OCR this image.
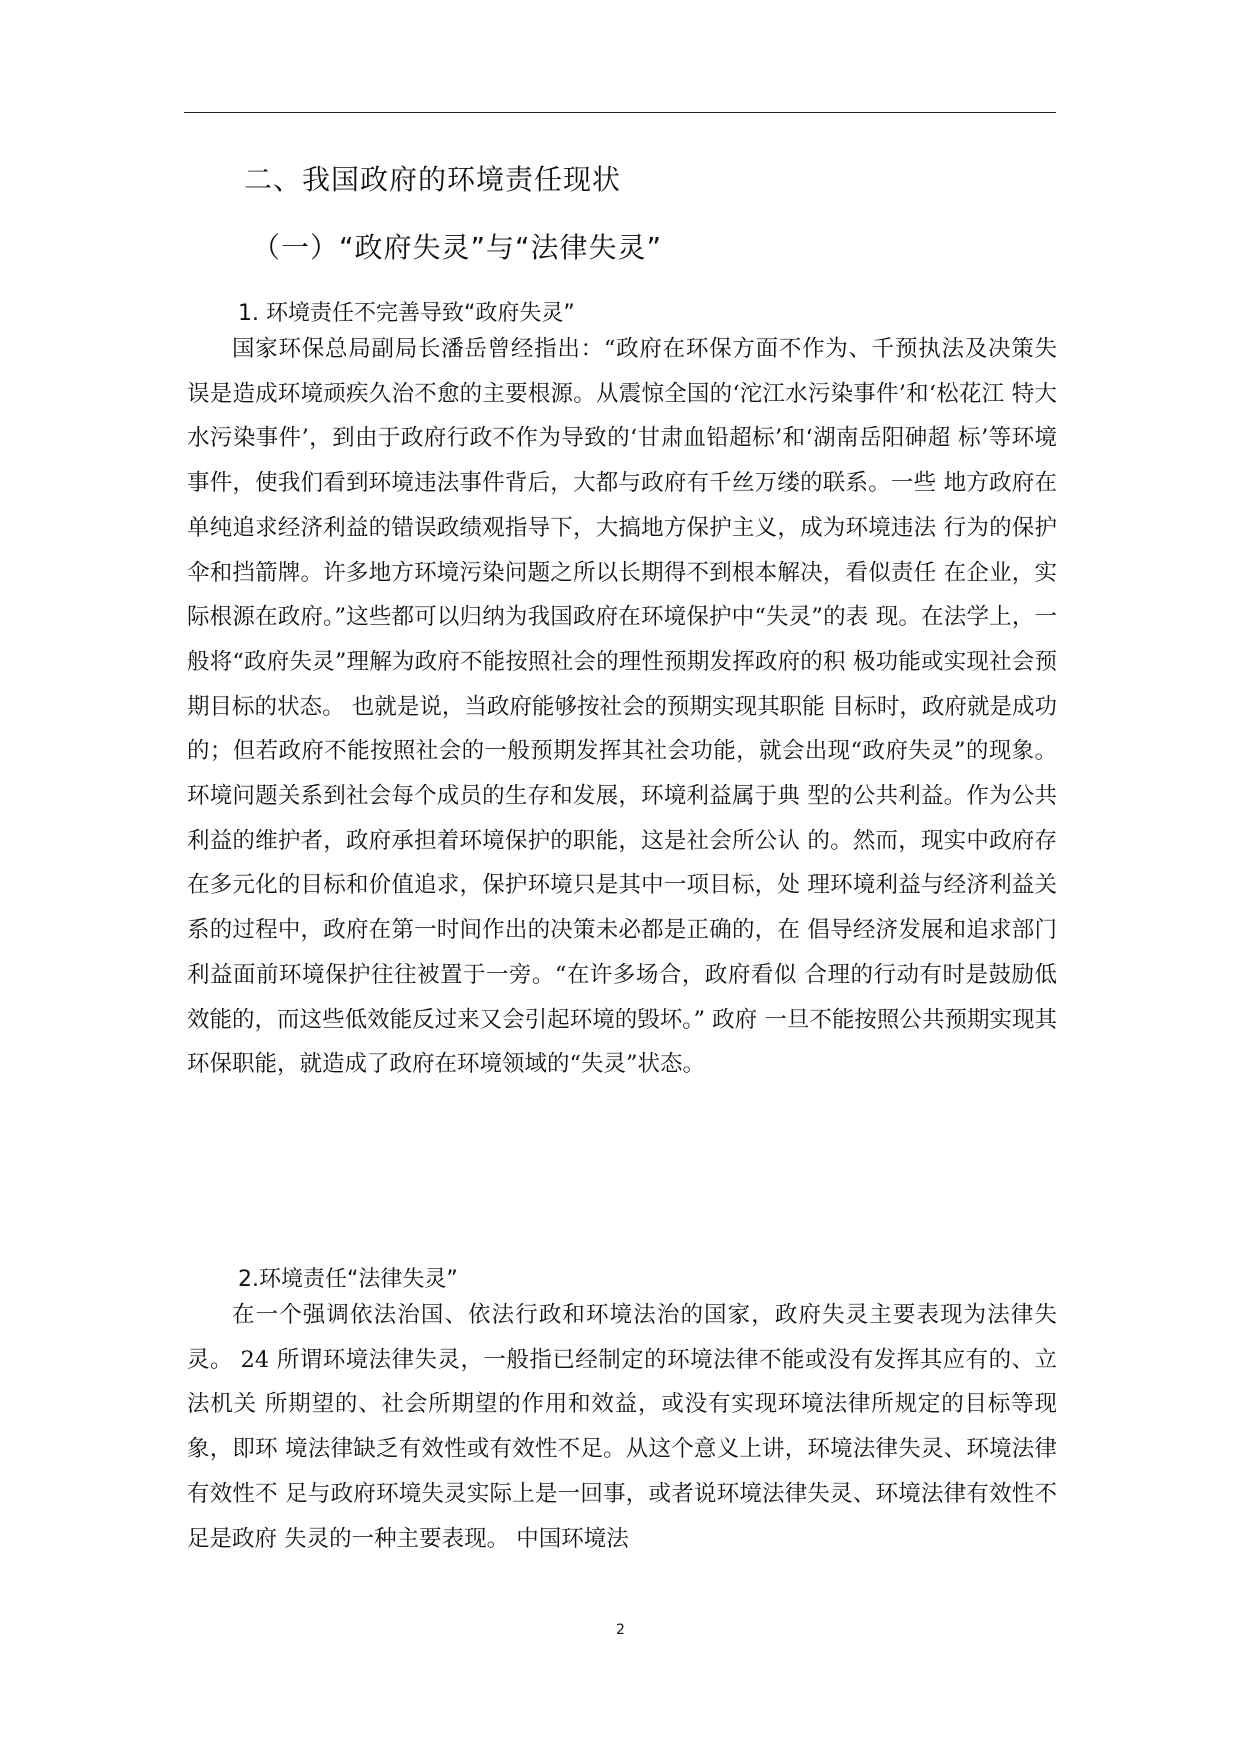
二、我国政府的环境责任现状
（一）“政府失灵”与“法律失灵”
1. 环境责任不完善导致“政府失灵”

国家环保总局副局长潘岳曾经指出：“政府在环保方面不作为、千预执法及决策失 误是造成环境顽疾久治不愈的主要根源。从震惊全国的‘沱江水污染事件’和‘松花江 特大水污染事件’，到由于政府行政不作为导致的‘甘肃血铅超标’和‘湖南岳阳砷超 标’等环境事件，使我们看到环境违法事件背后，大都与政府有千丝万缕的联系。一些 地方政府在单纯追求经济利益的错误政绩观指导下，大搞地方保护主义，成为环境违法 行为的保护伞和挡箭牌。许多地方环境污染问题之所以长期得不到根本解决，看似责任 在企业，实际根源在政府。”这些都可以归纳为我国政府在环境保护中“失灵”的表 现。在法学上，一般将“政府失灵”理解为政府不能按照社会的理性预期发挥政府的积 极功能或实现社会预期目标的状态。 也就是说，当政府能够按社会的预期实现其职能 目标时，政府就是成功的；但若政府不能按照社会的一般预期发挥其社会功能，就会出现“政府失灵”的现象。环境问题关系到社会每个成员的生存和发展，环境利益属于典 型的公共利益。作为公共利益的维护者，政府承担着环境保护的职能，这是社会所公认 的。然而，现实中政府存在多元化的目标和价值追求，保护环境只是其中一项目标，处 理环境利益与经济利益关系的过程中，政府在第一时间作出的决策未必都是正确的，在 倡导经济发展和追求部门利益面前环境保护往往被置于一旁。“在许多场合，政府看似 合理的行动有时是鼓励低效能的，而这些低效能反过来又会引起环境的毁坏。” 政府 一旦不能按照公共预期实现其环保职能，就造成了政府在环境领域的“失灵”状态。

2.环境责任“法律失灵”

在一个强调依法治国、依法行政和环境法治的国家，政府失灵主要表现为法律失灵。 24 所谓环境法律失灵，一般指已经制定的环境法律不能或没有发挥其应有的、立法机关 所期望的、社会所期望的作用和效益，或没有实现环境法律所规定的目标等现象，即环 境法律缺乏有效性或有效性不足。从这个意义上讲，环境法律失灵、环境法律有效性不 足与政府环境失灵实际上是一回事，或者说环境法律失灵、环境法律有效性不足是政府 失灵的一种主要表现。 中国环境法

2
